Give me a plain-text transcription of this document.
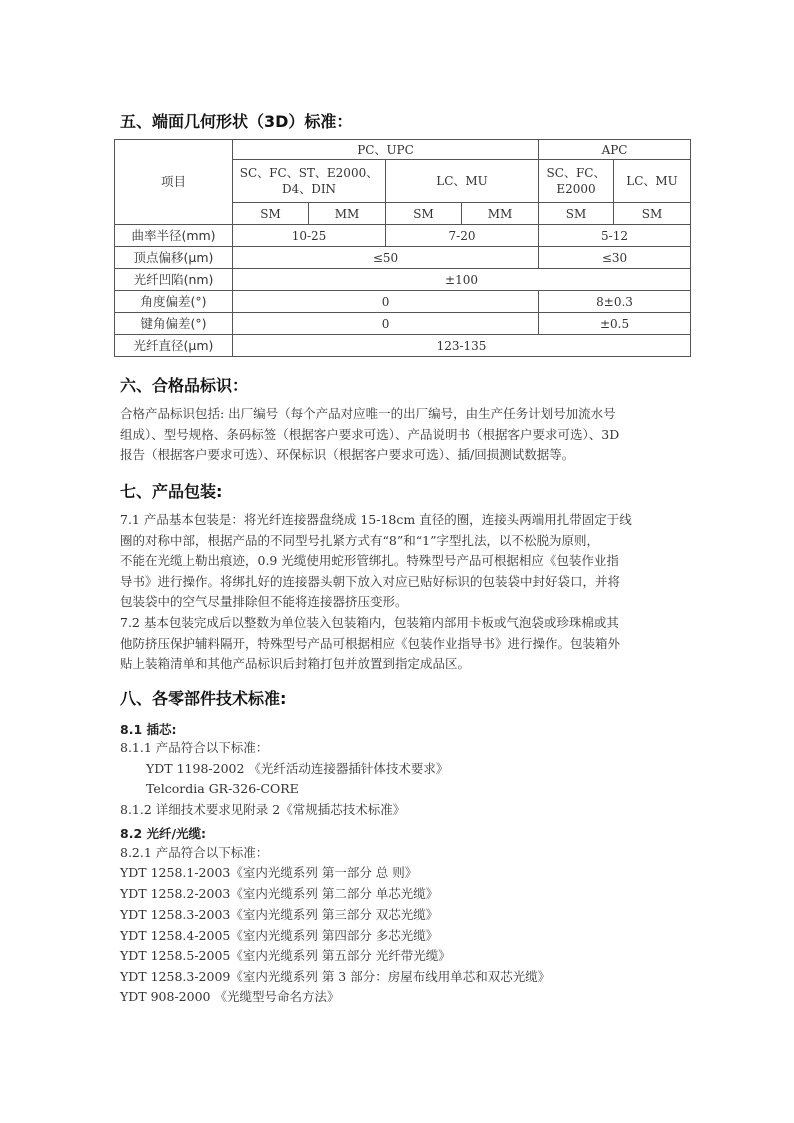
五、端面几何形状（3D）标准：
项目	PC、UPC				APC	
	SC、FC、ST、E2000、D4、DIN		LC、MU		SC、FC、E2000	LC、MU
	SM	MM	SM	MM	SM	SM
曲率半径(mm)	10-25		7-20		5-12	
顶点偏移(μm)	≤50				≤30	
光纤凹陷(nm)	±100					
角度偏差(°)	0				8±0.3	
键角偏差(°)	0				±0.5	
光纤直径(μm)	123-135					
六、合格品标识：
合格产品标识包括: 出厂编号（每个产品对应唯一的出厂编号，由生产任务计划号加流水号
组成）、型号规格、条码标签（根据客户要求可选）、产品说明书（根据客户要求可选）、3D
报告（根据客户要求可选）、环保标识（根据客户要求可选）、插/回损测试数据等。
七、产品包装:
7.1 产品基本包装是：将光纤连接器盘绕成 15-18cm 直径的圈，连接头两端用扎带固定于线
圈的对称中部，根据产品的不同型号扎紧方式有“8”和“1”字型扎法，以不松脱为原则，
不能在光缆上勒出痕迹，0.9 光缆使用蛇形管绑扎。特殊型号产品可根据相应《包装作业指
导书》进行操作。将绑扎好的连接器头朝下放入对应已贴好标识的包装袋中封好袋口，并将
包装袋中的空气尽量排除但不能将连接器挤压变形。
7.2 基本包装完成后以整数为单位装入包装箱内，包装箱内部用卡板或气泡袋或珍珠棉或其
他防挤压保护辅料隔开，特殊型号产品可根据相应《包装作业指导书》进行操作。包装箱外
贴上装箱清单和其他产品标识后封箱打包并放置到指定成品区。
八、各零部件技术标准:
8.1 插芯:
8.1.1 产品符合以下标准：
YDT 1198-2002 《光纤活动连接器插针体技术要求》
Telcordia GR-326-CORE
8.1.2 详细技术要求见附录 2《常规插芯技术标准》
8.2 光纤/光缆:
8.2.1 产品符合以下标准：
YDT 1258.1-2003《室内光缆系列 第一部分 总 则》
YDT 1258.2-2003《室内光缆系列 第二部分 单芯光缆》
YDT 1258.3-2003《室内光缆系列 第三部分 双芯光缆》
YDT 1258.4-2005《室内光缆系列 第四部分 多芯光缆》
YDT 1258.5-2005《室内光缆系列 第五部分 光纤带光缆》
YDT 1258.3-2009《室内光缆系列 第 3 部分：房屋布线用单芯和双芯光缆》
YDT 908-2000 《光缆型号命名方法》
